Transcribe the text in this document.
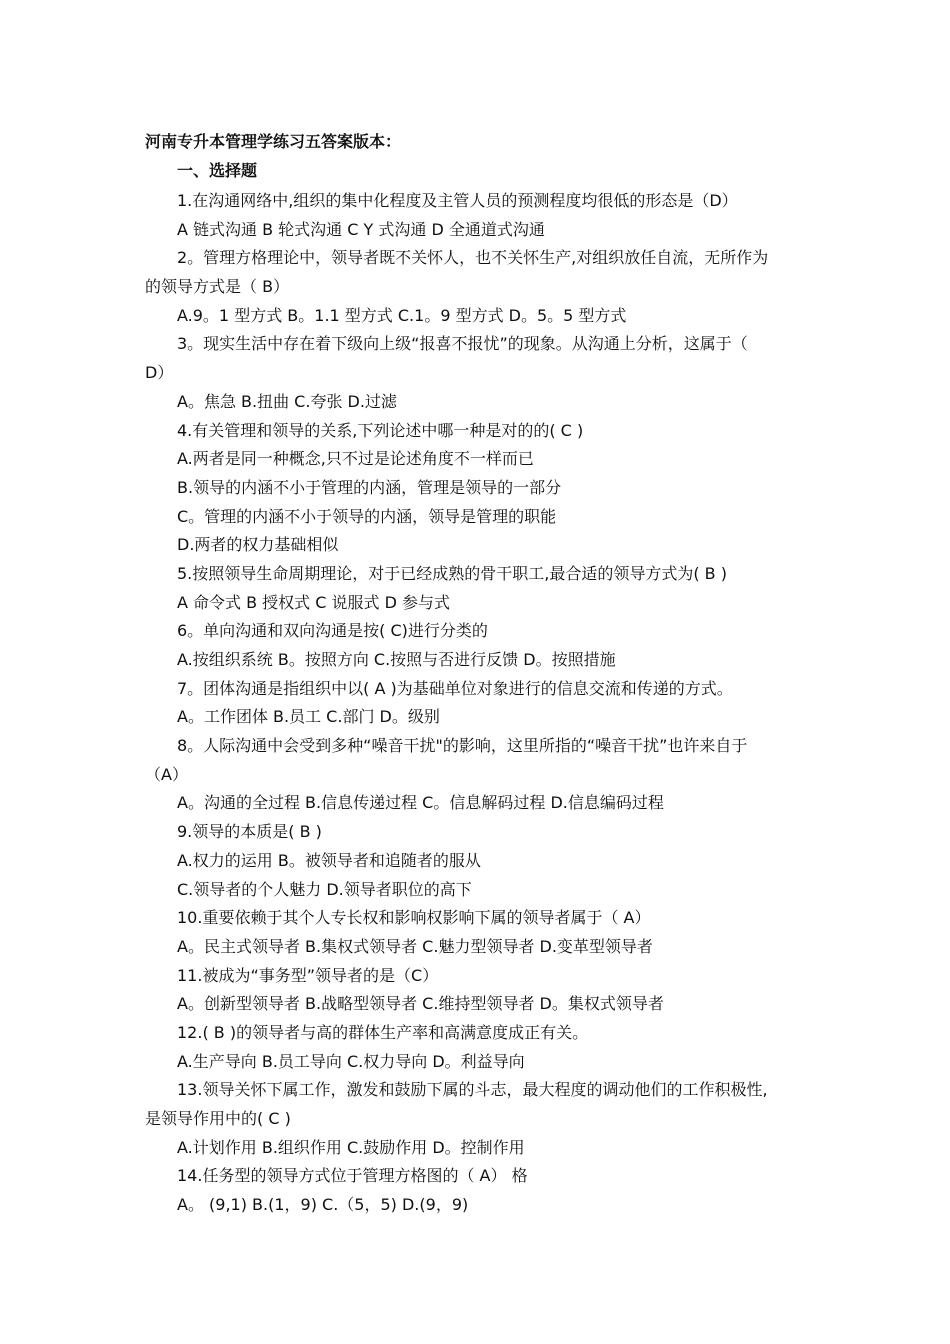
河南专升本管理学练习五答案版本：
一、选择题
1.在沟通网络中,组织的集中化程度及主管人员的预测程度均很低的形态是（D）
A 链式沟通 B 轮式沟通 C Y 式沟通 D 全通道式沟通
2。管理方格理论中，领导者既不关怀人，也不关怀生产,对组织放任自流，无所作为
的领导方式是（ B）
A.9。1 型方式 B。1.1 型方式 C.1。9 型方式 D。5。5 型方式
3。现实生活中存在着下级向上级“报喜不报忧”的现象。从沟通上分析，这属于（
D）
A。焦急 B.扭曲 C.夸张 D.过滤
4.有关管理和领导的关系,下列论述中哪一种是对的的( C )
A.两者是同一种概念,只不过是论述角度不一样而已
B.领导的内涵不小于管理的内涵，管理是领导的一部分
C。管理的内涵不小于领导的内涵，领导是管理的职能
D.两者的权力基础相似
5.按照领导生命周期理论，对于已经成熟的骨干职工,最合适的领导方式为( B )
A 命令式 B 授权式 C 说服式 D 参与式
6。单向沟通和双向沟通是按( C)进行分类的
A.按组织系统 B。按照方向 C.按照与否进行反馈 D。按照措施
7。团体沟通是指组织中以( A )为基础单位对象进行的信息交流和传递的方式。
A。工作团体 B.员工 C.部门 D。级别
8。人际沟通中会受到多种“噪音干扰"的影响，这里所指的“噪音干扰”也许来自于
（A）
A。沟通的全过程 B.信息传递过程 C。信息解码过程 D.信息编码过程
9.领导的本质是( B )
A.权力的运用 B。被领导者和追随者的服从
C.领导者的个人魅力 D.领导者职位的高下
10.重要依赖于其个人专长权和影响权影响下属的领导者属于（ A）
A。民主式领导者 B.集权式领导者 C.魅力型领导者 D.变革型领导者
11.被成为“事务型”领导者的是（C）
A。创新型领导者 B.战略型领导者 C.维持型领导者 D。集权式领导者
12.( B )的领导者与高的群体生产率和高满意度成正有关。
A.生产导向 B.员工导向 C.权力导向 D。利益导向
13.领导关怀下属工作，激发和鼓励下属的斗志，最大程度的调动他们的工作积极性,
是领导作用中的( C )
A.计划作用 B.组织作用 C.鼓励作用 D。控制作用
14.任务型的领导方式位于管理方格图的（ A） 格
A。 (9,1) B.(1，9) C.（5，5) D.(9，9)
